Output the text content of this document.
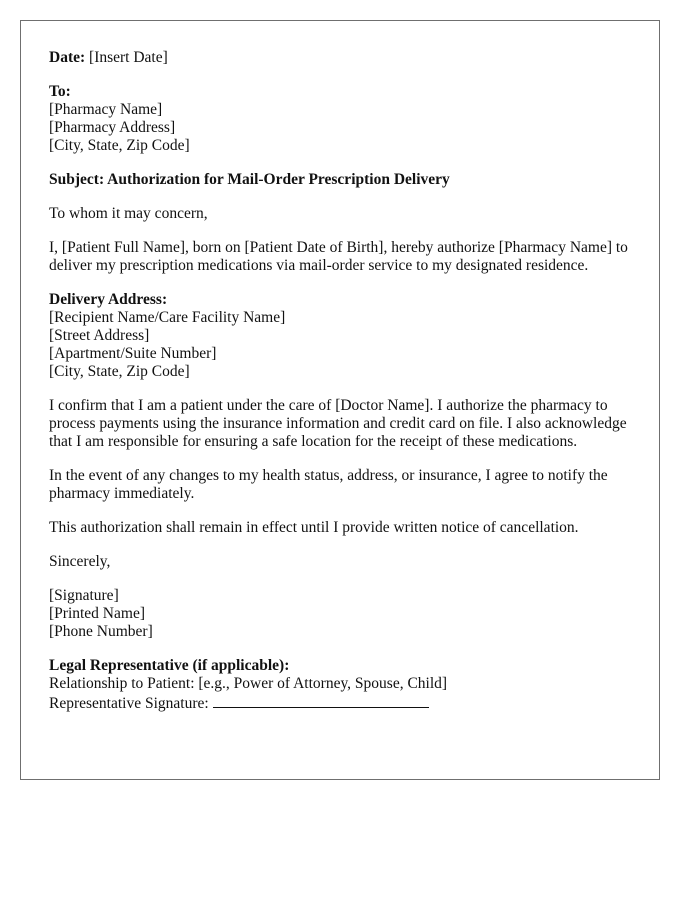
Date: [Insert Date]
To:
[Pharmacy Name]
[Pharmacy Address]
[City, State, Zip Code]
Subject: Authorization for Mail-Order Prescription Delivery
To whom it may concern,
I, [Patient Full Name], born on [Patient Date of Birth], hereby authorize [Pharmacy Name] to deliver my prescription medications via mail-order service to my designated residence.
Delivery Address:
[Recipient Name/Care Facility Name]
[Street Address]
[Apartment/Suite Number]
[City, State, Zip Code]
I confirm that I am a patient under the care of [Doctor Name]. I authorize the pharmacy to process payments using the insurance information and credit card on file. I also acknowledge that I am responsible for ensuring a safe location for the receipt of these medications.
In the event of any changes to my health status, address, or insurance, I agree to notify the pharmacy immediately.
This authorization shall remain in effect until I provide written notice of cancellation.
Sincerely,
[Signature]
[Printed Name]
[Phone Number]
Legal Representative (if applicable):
Relationship to Patient: [e.g., Power of Attorney, Spouse, Child]
Representative Signature:
